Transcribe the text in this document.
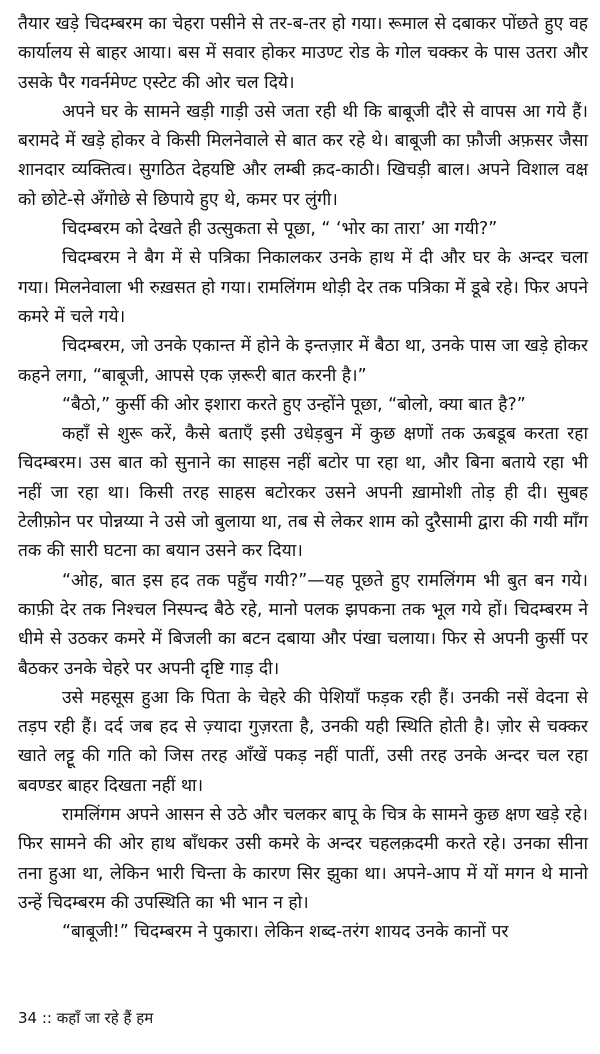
तैयार खड़े चिदम्बरम का चेहरा पसीने से तर-ब-तर हो गया। रूमाल से दबाकर पोंछते हुए वह कार्यालय से बाहर आया। बस में सवार होकर माउण्ट रोड के गोल चक्कर के पास उतरा और उसके पैर गवर्नमेण्ट एस्टेट की ओर चल दिये।

अपने घर के सामने खड़ी गाड़ी उसे जता रही थी कि बाबूजी दौरे से वापस आ गये हैं। बरामदे में खड़े होकर वे किसी मिलनेवाले से बात कर रहे थे। बाबूजी का फ़ौजी अफ़सर जैसा शानदार व्यक्तित्व। सुगठित देहयष्टि और लम्बी क़द-काठी। खिचड़ी बाल। अपने विशाल वक्ष को छोटे-से अँगोछे से छिपाये हुए थे, कमर पर लुंगी।

चिदम्बरम को देखते ही उत्सुकता से पूछा, “ ‘भोर का तारा’ आ गयी?”

चिदम्बरम ने बैग में से पत्रिका निकालकर उनके हाथ में दी और घर के अन्दर चला गया। मिलनेवाला भी रुख़सत हो गया। रामलिंगम थोड़ी देर तक पत्रिका में डूबे रहे। फिर अपने कमरे में चले गये।

चिदम्बरम, जो उनके एकान्त में होने के इन्तज़ार में बैठा था, उनके पास जा खड़े होकर कहने लगा, “बाबूजी, आपसे एक ज़रूरी बात करनी है।”

“बैठो,” कुर्सी की ओर इशारा करते हुए उन्होंने पूछा, “बोलो, क्या बात है?”

कहाँ से शुरू करें, कैसे बताएँ इसी उधेड़बुन में कुछ क्षणों तक ऊबडूब करता रहा चिदम्बरम। उस बात को सुनाने का साहस नहीं बटोर पा रहा था, और बिना बताये रहा भी नहीं जा रहा था। किसी तरह साहस बटोरकर उसने अपनी ख़ामोशी तोड़ ही दी। सुबह टेलीफ़ोन पर पोन्नय्या ने उसे जो बुलाया था, तब से लेकर शाम को दुरैसामी द्वारा की गयी माँग तक की सारी घटना का बयान उसने कर दिया।

“ओह, बात इस हद तक पहुँच गयी?”—यह पूछते हुए रामलिंगम भी बुत बन गये। काफ़ी देर तक निश्चल निस्पन्द बैठे रहे, मानो पलक झपकना तक भूल गये हों। चिदम्बरम ने धीमे से उठकर कमरे में बिजली का बटन दबाया और पंखा चलाया। फिर से अपनी कुर्सी पर बैठकर उनके चेहरे पर अपनी दृष्टि गाड़ दी।

उसे महसूस हुआ कि पिता के चेहरे की पेशियाँ फड़क रही हैं। उनकी नसें वेदना से तड़प रही हैं। दर्द जब हद से ज़्यादा गुज़रता है, उनकी यही स्थिति होती है। ज़ोर से चक्कर खाते लट्टू की गति को जिस तरह आँखें पकड़ नहीं पातीं, उसी तरह उनके अन्दर चल रहा बवण्डर बाहर दिखता नहीं था।

रामलिंगम अपने आसन से उठे और चलकर बापू के चित्र के सामने कुछ क्षण खड़े रहे। फिर सामने की ओर हाथ बाँधकर उसी कमरे के अन्दर चहलक़दमी करते रहे। उनका सीना तना हुआ था, लेकिन भारी चिन्ता के कारण सिर झुका था। अपने-आप में यों मगन थे मानो उन्हें चिदम्बरम की उपस्थिति का भी भान न हो।

“बाबूजी!” चिदम्बरम ने पुकारा। लेकिन शब्द-तरंग शायद उनके कानों पर

34 :: कहाँ जा रहे हैं हम
